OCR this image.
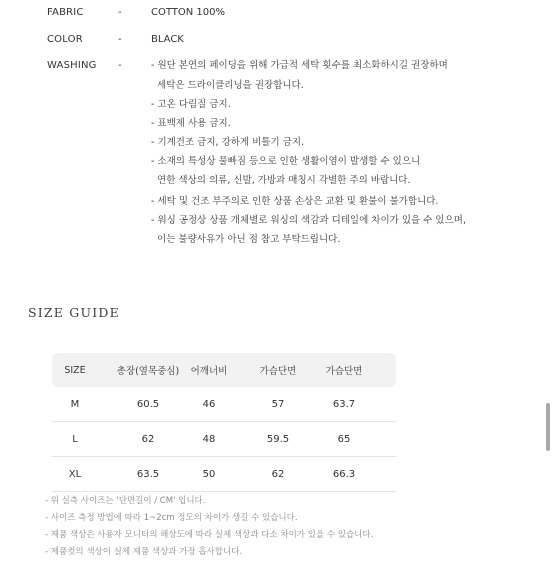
FABRIC	-	COTTON 100%
COLOR	-	BLACK
WASHING -	- 원단 본연의 페이딩을 위해 가급적 세탁 횟수를 최소화하시길 권장하며
세탁은 드라이클리닝을 권장합니다.
- 고온 다림질 금지.
- 표백제 사용 금지.
- 기계건조 금지, 강하게 비틀기 금지.
- 소재의 특성상 물빠짐 등으로 인한 생활이염이 발생할 수 있으니
연한 색상의 의류, 신발, 가방과 매칭시 각별한 주의 바랍니다.
- 세탁 및 건조 부주의로 인한 상품 손상은 교환 및 환불이 불가합니다.
- 워싱 공정상 상품 개체별로 워싱의 색감과 디테일에 차이가 있을 수 있으며,
이는 불량사유가 아닌 점 참고 부탁드립니다.
SIZE GUIDE
SIZE	총장(옆목중심)	어깨너비	가슴단면	가슴단면
M	60.5	46	57	63.7
L	62	48	59.5	65
XL	63.5	50	62	66.3
- 위 실측 사이즈는 '단면길이 / CM' 입니다.
- 사이즈 측정 방법에 따라 1~2cm 정도의 차이가 생길 수 있습니다.
- 제품 색상은 사용자 모니터의 해상도에 따라 실제 색상과 다소 차이가 있을 수 있습니다.
- 제품컷의 색상이 실제 제품 색상과 가장 흡사합니다.
